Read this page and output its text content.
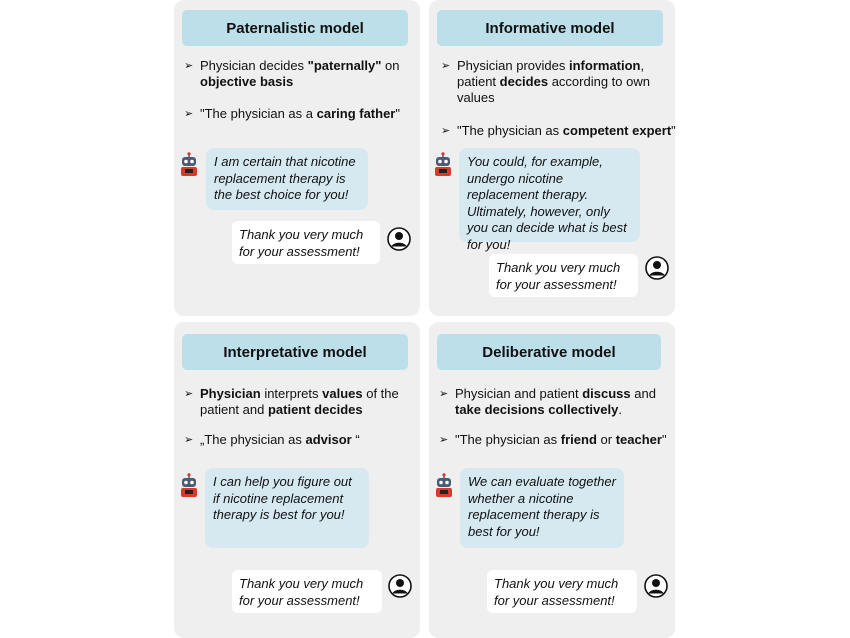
Paternalistic model
➢ Physician decides "paternally" on objective basis
➢ "The physician as a caring father"
I am certain that nicotine replacement therapy is the best choice for you!
Thank you very much for your assessment!
Informative model
➢ Physician provides information, patient decides according to own values
➢ "The physician as competent expert"
You could, for example, undergo nicotine replacement therapy. Ultimately, however, only you can decide what is best for you!
Thank you very much for your assessment!
Interpretative model
➢ Physician interprets values of the patient and patient decides
➢ „The physician as advisor “
I can help you figure out if nicotine replacement therapy is best for you!
Thank you very much for your assessment!
Deliberative model
➢ Physician and patient discuss and take decisions collectively.
➢ "The physician as friend or teacher"
We can evaluate together whether a nicotine replacement therapy is best for you!
Thank you very much for your assessment!
